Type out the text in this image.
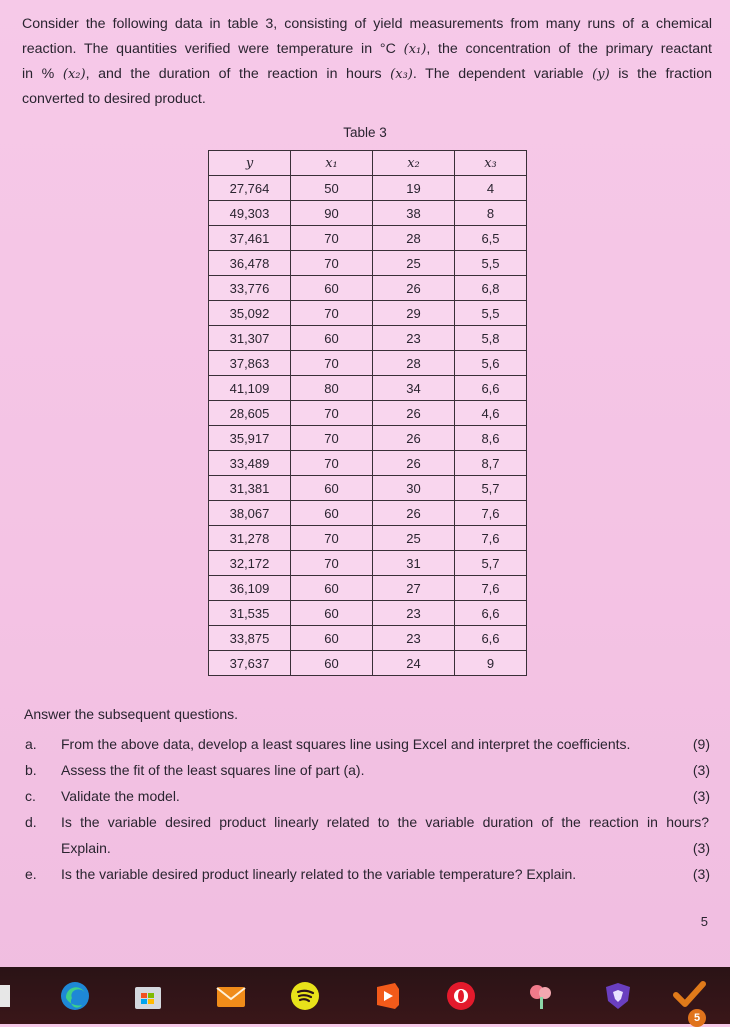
Consider the following data in table 3, consisting of yield measurements from many runs of a chemical
reaction. The quantities verified were temperature in °C (x₁), the concentration of the primary reactant
in % (x₂), and the duration of the reaction in hours (x₃). The dependent variable (y) is the fraction
converted to desired product.
Table 3
y	x₁	x₂	x₃
27,764	50	19	4
49,303	90	38	8
37,461	70	28	6,5
36,478	70	25	5,5
33,776	60	26	6,8
35,092	70	29	5,5
31,307	60	23	5,8
37,863	70	28	5,6
41,109	80	34	6,6
28,605	70	26	4,6
35,917	70	26	8,6
33,489	70	26	8,7
31,381	60	30	5,7
38,067	60	26	7,6
31,278	70	25	7,6
32,172	70	31	5,7
36,109	60	27	7,6
31,535	60	23	6,6
33,875	60	23	6,6
37,637	60	24	9
Answer the subsequent questions.
a. From the above data, develop a least squares line using Excel and interpret the coefficients.	(9)
b. Assess the fit of the least squares line of part (a).	(3)
c. Validate the model.	(3)
d. Is the variable desired product linearly related to the variable duration of the reaction in hours?
Explain.	(3)
e. Is the variable desired product linearly related to the variable temperature? Explain.	(3)
5
5
